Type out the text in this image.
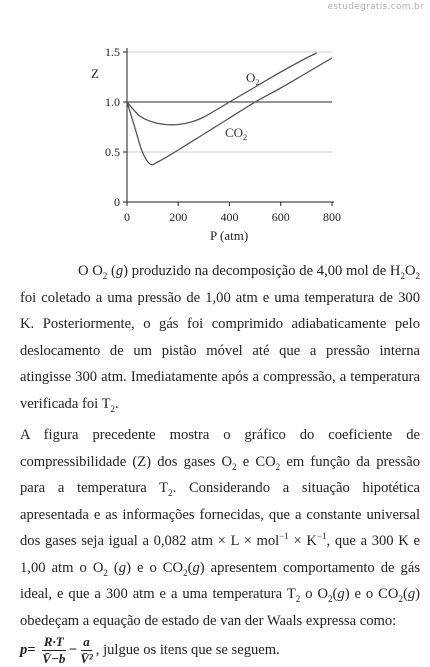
estudegratis.com.br
0
0.5
1.0
1.5
0	200	400	600	800
Z
P (atm)
$O_2$
$CO_2$

O $O_2$ (g) produzido na decomposição de 4,00 mol de $H_2O_2$ foi coletado a uma pressão de 1,00 atm e uma temperatura de 300 K. Posteriormente, o gás foi comprimido adiabaticamente pelo deslocamento de um pistão móvel até que a pressão interna atingisse 300 atm. Imediatamente após a compressão, a temperatura verificada foi $T_2$.

A figura precedente mostra o gráfico do coeficiente de compressibilidade (Z) dos gases $O_2$ e $CO_2$ em função da pressão para a temperatura $T_2$. Considerando a situação hipotética apresentada e as informações fornecidas, que a constante universal dos gases seja igual a 0,082 atm × $L \times mol^{-1} \times K^{-1}$, que a 300 K e 1,00 atm o $O_2$ (g) e o $CO_2(g)$ apresentem comportamento de gás ideal, e que a 300 atm e a uma temperatura $T_2$ o $O_2(g)$ e o $CO_2(g)$ obedeçam a equação de estado de van der Waals expressa como:

$p= \frac{R\cdot T}{V̄-b} - \frac{a}{\text{V̄²}}$ , julgue os itens que se seguem.
